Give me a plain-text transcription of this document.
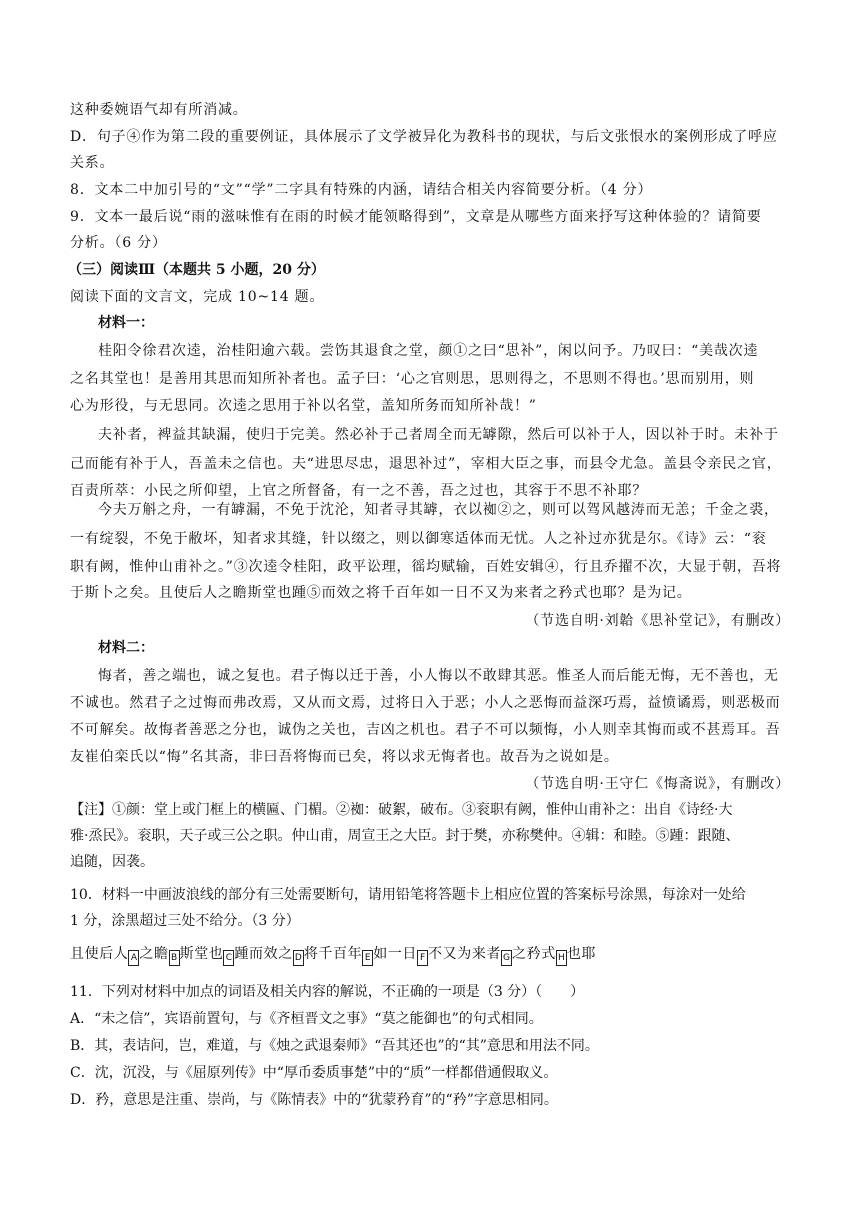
这种委婉语气却有所消减。
D．句子④作为第二段的重要例证，具体展示了文学被异化为教科书的现状，与后文张恨水的案例形成了呼应
关系。
8．文本二中加引号的“文”“学”二字具有特殊的内涵，请结合相关内容简要分析。（4 分）
9．文本一最后说“雨的滋味惟有在雨的时候才能领略得到”，文章是从哪些方面来抒写这种体验的？请简要
分析。（6 分）
（三）阅读Ⅲ（本题共 5 小题，20 分）
阅读下面的文言文，完成 10~14 题。
材料一：
桂阳令徐君次逵，治桂阳逾六载。尝饬其退食之堂，颜①之曰“思补”，闲以问予。乃叹曰：“美哉次逵
之名其堂也！是善用其思而知所补者也。孟子曰：‘心之官则思，思则得之，不思则不得也。’思而别用，则
心为形役，与无思同。次逵之思用于补以名堂，盖知所务而知所补哉！”
夫补者，裨益其缺漏，使归于完美。然必补于己者周全而无罅隙，然后可以补于人，因以补于时。未补于
己而能有补于人，吾盖未之信也。夫“进思尽忠，退思补过”，宰相大臣之事，而县令尤急。盖县令亲民之官，
百责所萃：小民之所仰望，上官之所督备，有一之不善，吾之过也，其容于不思不补耶？
今夫万斛之舟，一有罅漏，不免于沈沦，知者寻其罅，衣以袽②之，则可以驾风越涛而无恙；千金之裘，
一有绽裂，不免于敝坏，知者求其缝，针以缀之，则以御寒适体而无忧。人之补过亦犹是尔。《诗》云：“衮
职有阙，惟仲山甫补之。”③次逵令桂阳，政平讼理，徭均赋输，百姓安辑④，行且乔擢不次，大显于朝，吾将
于斯卜之矣。且使后人之瞻斯堂也踵⑤而效之将千百年如一日不又为来者之矜式也耶？是为记。
（节选自明·刘韐《思补堂记》，有删改）
材料二：
悔者，善之端也，诚之复也。君子悔以迁于善，小人悔以不敢肆其恶。惟圣人而后能无悔，无不善也，无
不诚也。然君子之过悔而弗改焉，又从而文焉，过将日入于恶；小人之恶悔而益深巧焉，益愤谲焉，则恶极而
不可解矣。故悔者善恶之分也，诚伪之关也，吉凶之机也。君子不可以频悔，小人则幸其悔而或不甚焉耳。吾
友崔伯栾氏以“悔”名其斋，非曰吾将悔而已矣，将以求无悔者也。故吾为之说如是。
（节选自明·王守仁《悔斋说》，有删改）
【注】①颜：堂上或门框上的横匾、门楣。②袽：破絮，破布。③衮职有阙，惟仲山甫补之：出自《诗经·大
雅·烝民》。衮职，天子或三公之职。仲山甫，周宣王之大臣。封于樊，亦称樊仲。④辑：和睦。⑤踵：跟随、
追随，因袭。
10．材料一中画波浪线的部分有三处需要断句，请用铅笔将答题卡上相应位置的答案标号涂黑，每涂对一处给
1 分，涂黑超过三处不给分。（3 分）
且使后人 A 之瞻 B 斯堂也 C 踵而效之 D 将千百年 E 如一日 F 不又为来者 G 之矜式 H 也耶
11．下列对材料中加点的词语及相关内容的解说，不正确的一项是（3 分）（　　）
A．“未之信”，宾语前置句，与《齐桓晋文之事》“莫之能御也”的句式相同。
B．其，表诘问，岂，难道，与《烛之武退秦师》“吾其还也”的“其”意思和用法不同。
C．沈，沉没，与《屈原列传》中“厚币委质事楚”中的“质”一样都借通假取义。
D．矜，意思是注重、崇尚，与《陈情表》中的“犹蒙矜育”的“矜”字意思相同。
